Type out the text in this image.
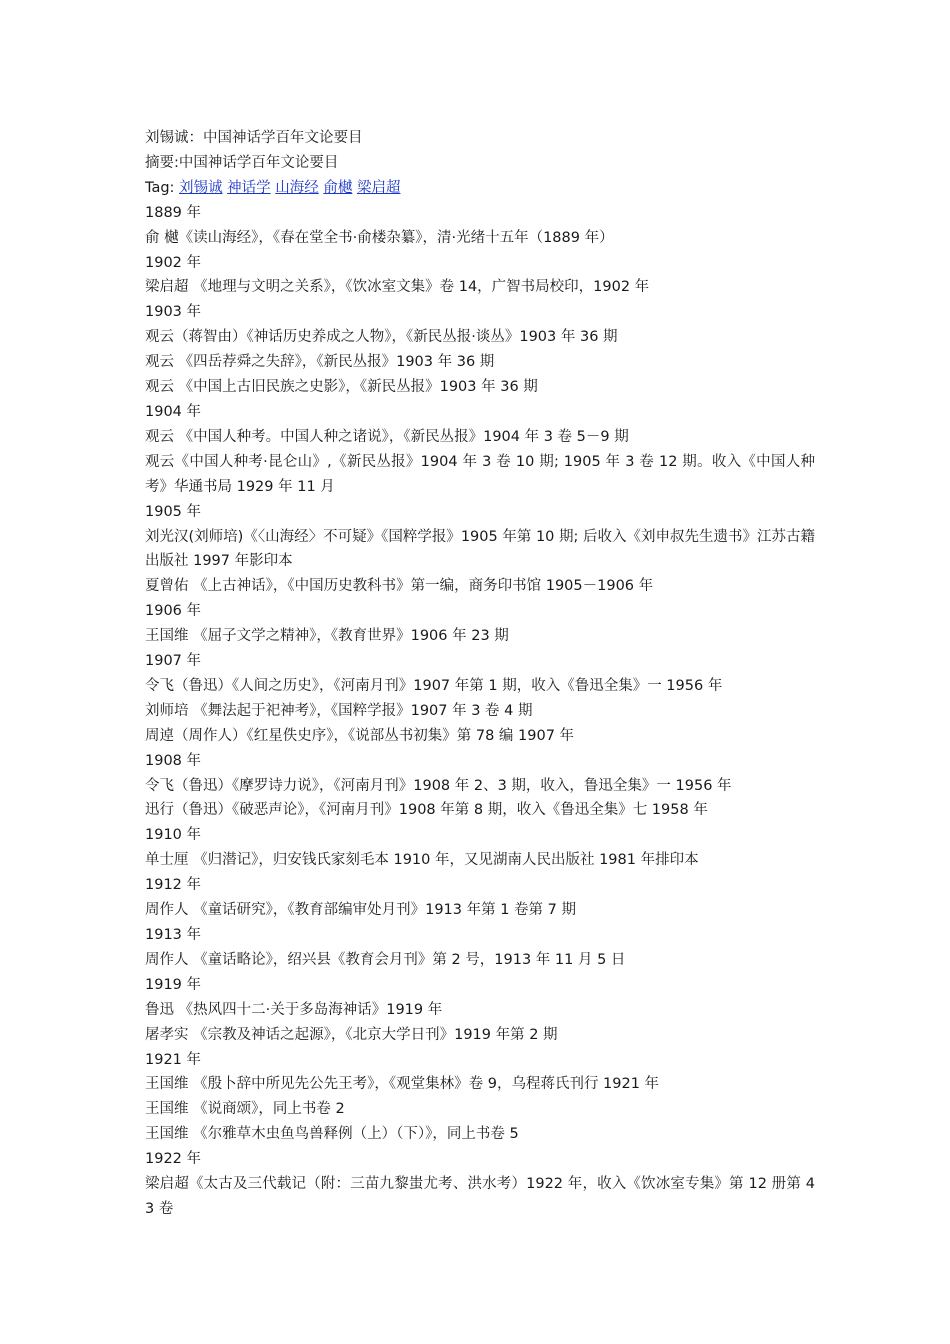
刘锡诚：中国神话学百年文论要目

摘要:中国神话学百年文论要目

Tag: 刘锡诚 神话学 山海经 俞樾 梁启超

1889 年

俞 樾《读山海经》，《春在堂全书·俞楼杂纂》，清·光绪十五年（1889 年）

1902 年

梁启超 《地理与文明之关系》，《饮冰室文集》卷 14，广智书局校印，1902 年

1903 年

观云（蒋智由）《神话历史养成之人物》，《新民丛报·谈丛》1903 年 36 期

观云 《四岳荐舜之失辞》，《新民丛报》1903 年 36 期

观云 《中国上古旧民族之史影》，《新民丛报》1903 年 36 期

1904 年

观云 《中国人种考。中国人种之诸说》，《新民丛报》1904 年 3 卷 5－9 期

观云《中国人种考·昆仑山》,《新民丛报》1904 年 3 卷 10 期; 1905 年 3 卷 12 期。收入《中国人种考》华通书局 1929 年 11 月

1905 年

刘光汉(刘师培)《〈山海经〉不可疑》《国粹学报》1905 年第 10 期; 后收入《刘申叔先生遗书》江苏古籍出版社 1997 年影印本

夏曾佑 《上古神话》，《中国历史教科书》第一编，商务印书馆 1905－1906 年

1906 年

王国维 《屈子文学之精神》，《教育世界》1906 年 23 期

1907 年

令飞（鲁迅）《人间之历史》，《河南月刊》1907 年第 1 期，收入《鲁迅全集》一 1956 年

刘师培 《舞法起于祀神考》，《国粹学报》1907 年 3 卷 4 期

周逴（周作人）《红星佚史序》，《说部丛书初集》第 78 编 1907 年

1908 年

令飞（鲁迅）《摩罗诗力说》，《河南月刊》1908 年 2、3 期，收入，鲁迅全集》一 1956 年

迅行（鲁迅）《破恶声论》，《河南月刊》1908 年第 8 期，收入《鲁迅全集》七 1958 年

1910 年

单士厘 《归潜记》，归安钱氏家刻毛本 1910 年，又见湖南人民出版社 1981 年排印本

1912 年

周作人 《童话研究》，《教育部编审处月刊》1913 年第 1 卷第 7 期

1913 年

周作人 《童话略论》，绍兴县《教育会月刊》第 2 号，1913 年 11 月 5 日

1919 年

鲁迅 《热风四十二·关于多岛海神话》1919 年

屠孝实 《宗教及神话之起源》，《北京大学日刊》1919 年第 2 期

1921 年

王国维 《殷卜辞中所见先公先王考》，《观堂集林》卷 9，乌程蒋氏刊行 1921 年

王国维 《说商颂》，同上书卷 2

王国维 《尔雅草木虫鱼鸟兽释例（上）（下）》，同上书卷 5

1922 年

梁启超《太古及三代载记（附：三苗九黎蚩尤考、洪水考）1922 年，收入《饮冰室专集》第 12 册第 43 卷
